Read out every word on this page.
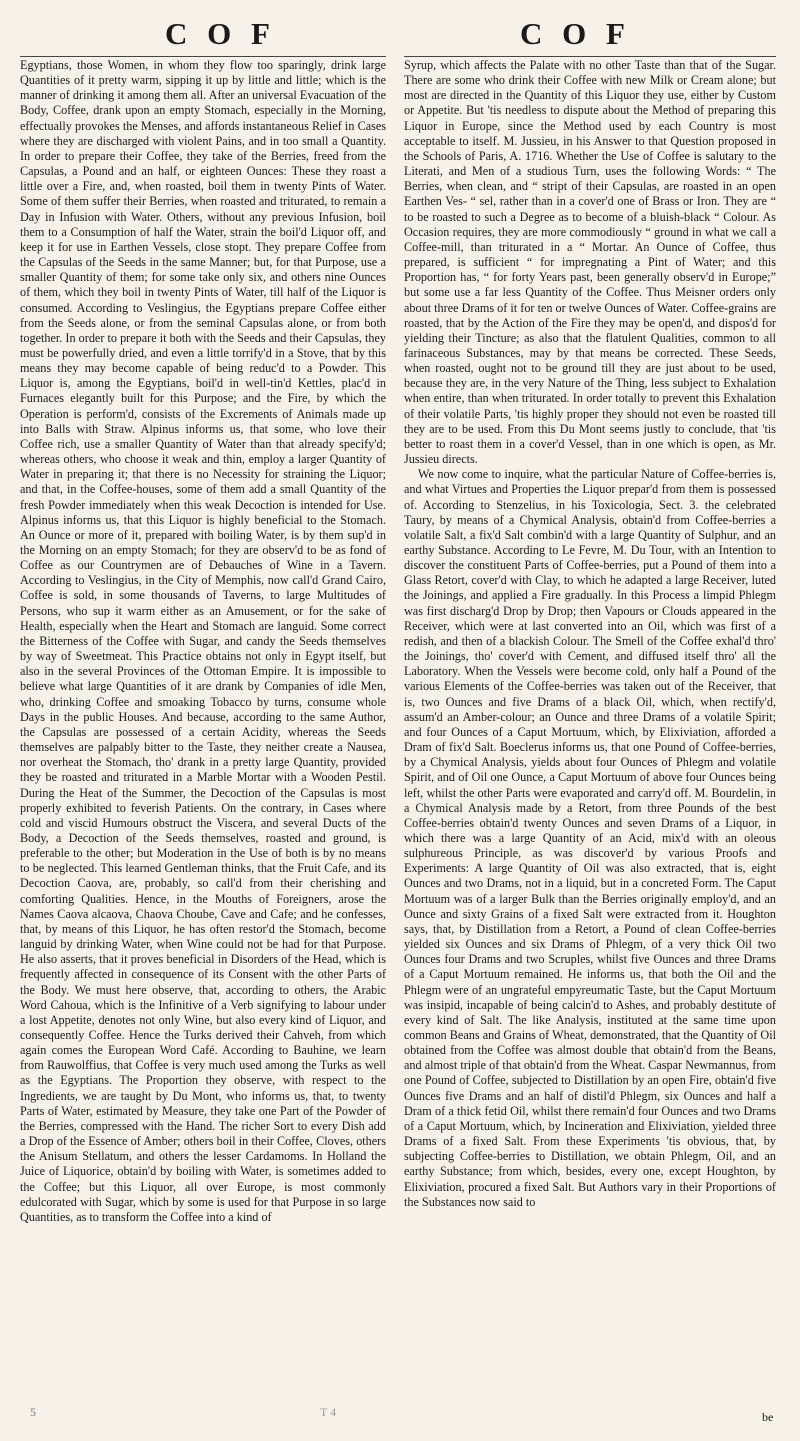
C O F	C O F

Egyptians, those Women, in whom they flow too sparingly, drink large Quantities of it pretty warm, sipping it up by little and little; which is the manner of drinking it among them all. After an universal Evacuation of the Body, Coffee, drank upon an empty Stomach, especially in the Morning, effectually provokes the Menses, and affords instantaneous Relief in Cases where they are discharged with violent Pains, and in too small a Quantity. In order to prepare their Coffee, they take of the Berries, freed from the Capsulas, a Pound and an half, or eighteen Ounces: These they roast a little over a Fire, and, when roasted, boil them in twenty Pints of Water. Some of them suffer their Berries, when roasted and triturated, to remain a Day in Infusion with Water. Others, without any previous Infusion, boil them to a Consumption of half the Water, strain the boil'd Liquor off, and keep it for use in Earthen Vessels, close stopt. They prepare Coffee from the Capsulas of the Seeds in the same Manner; but, for that Purpose, use a smaller Quantity of them; for some take only six, and others nine Ounces of them, which they boil in twenty Pints of Water, till half of the Liquor is consumed. According to Veslingius, the Egyptians prepare Coffee either from the Seeds alone, or from the seminal Capsulas alone, or from both together. In order to prepare it both with the Seeds and their Capsulas, they must be powerfully dried, and even a little torrify'd in a Stove, that by this means they may become capable of being reduc'd to a Powder. This Liquor is, among the Egyptians, boil'd in well-tin'd Kettles, plac'd in Furnaces elegantly built for this Purpose; and the Fire, by which the Operation is perform'd, consists of the Excrements of Animals made up into Balls with Straw. Alpinus informs us, that some, who love their Coffee rich, use a smaller Quantity of Water than that already specify'd; whereas others, who choose it weak and thin, employ a larger Quantity of Water in preparing it; that there is no Necessity for straining the Liquor; and that, in the Coffee-houses, some of them add a small Quantity of the fresh Powder immediately when this weak Decoction is intended for Use. Alpinus informs us, that this Liquor is highly beneficial to the Stomach. An Ounce or more of it, prepared with boiling Water, is by them sup'd in the Morning on an empty Stomach; for they are observ'd to be as fond of Coffee as our Countrymen are of Debauches of Wine in a Tavern. According to Veslingius, in the City of Memphis, now call'd Grand Cairo, Coffee is sold, in some thousands of Taverns, to large Multitudes of Persons, who sup it warm either as an Amusement, or for the sake of Health, especially when the Heart and Stomach are languid. Some correct the Bitterness of the Coffee with Sugar, and candy the Seeds themselves by way of Sweetmeat. This Practice obtains not only in Egypt itself, but also in the several Provinces of the Ottoman Empire. It is impossible to believe what large Quantities of it are drank by Companies of idle Men, who, drinking Coffee and smoaking Tobacco by turns, consume whole Days in the public Houses. And because, according to the same Author, the Capsulas are possessed of a certain Acidity, whereas the Seeds themselves are palpably bitter to the Taste, they neither create a Nausea, nor overheat the Stomach, tho' drank in a pretty large Quantity, provided they be roasted and triturated in a Marble Mortar with a Wooden Pestil. During the Heat of the Summer, the Decoction of the Capsulas is most properly exhibited to feverish Patients. On the contrary, in Cases where cold and viscid Humours obstruct the Viscera, and several Ducts of the Body, a Decoction of the Seeds themselves, roasted and ground, is preferable to the other; but Moderation in the Use of both is by no means to be neglected. This learned Gentleman thinks, that the Fruit Cafe, and its Decoction Caova, are, probably, so call'd from their cherishing and comforting Qualities. Hence, in the Mouths of Foreigners, arose the Names Caova alcaova, Chaova Choube, Cave and Cafe; and he confesses, that, by means of this Liquor, he has often restor'd the Stomach, become languid by drinking Water, when Wine could not be had for that Purpose. He also asserts, that it proves beneficial in Disorders of the Head, which is frequently affected in consequence of its Consent with the other Parts of the Body. We must here observe, that, according to others, the Arabic Word Cahoua, which is the Infinitive of a Verb signifying to labour under a lost Appetite, denotes not only Wine, but also every kind of Liquor, and consequently Coffee. Hence the Turks derived their Cahveh, from which again comes the European Word Café. According to Bauhine, we learn from Rauwolffius, that Coffee is very much used among the Turks as well as the Egyptians. The Proportion they observe, with respect to the Ingredients, we are taught by Du Mont, who informs us, that, to twenty Parts of Water, estimated by Measure, they take one Part of the Powder of the Berries, compressed with the Hand. The richer Sort to every Dish add a Drop of the Essence of Amber; others boil in their Coffee, Cloves, others the Anisum Stellatum, and others the lesser Cardamoms. In Holland the Juice of Liquorice, obtain'd by boiling with Water, is sometimes added to the Coffee; but this Liquor, all over Europe, is most commonly edulcorated with Sugar, which by some is used for that Purpose in so large Quantities, as to transform the Coffee into a kind of

Syrup, which affects the Palate with no other Taste than that of the Sugar. There are some who drink their Coffee with new Milk or Cream alone; but most are directed in the Quantity of this Liquor they use, either by Custom or Appetite. But 'tis needless to dispute about the Method of preparing this Liquor in Europe, since the Method used by each Country is most acceptable to itself. M. Jussieu, in his Answer to that Question proposed in the Schools of Paris, A. 1716. Whether the Use of Coffee is salutary to the Literati, and Men of a studious Turn, uses the following Words: “ The Berries, when clean, and “ stript of their Capsulas, are roasted in an open Earthen Ves- “ sel, rather than in a cover'd one of Brass or Iron. They are “ to be roasted to such a Degree as to become of a bluish-black “ Colour. As Occasion requires, they are more commodiously “ ground in what we call a Coffee-mill, than triturated in a “ Mortar. An Ounce of Coffee, thus prepared, is sufficient “ for impregnating a Pint of Water; and this Proportion has, “ for forty Years past, been generally observ'd in Europe;” but some use a far less Quantity of the Coffee. Thus Meisner orders only about three Drams of it for ten or twelve Ounces of Water. Coffee-grains are roasted, that by the Action of the Fire they may be open'd, and dispos'd for yielding their Tincture; as also that the flatulent Qualities, common to all farinaceous Substances, may by that means be corrected. These Seeds, when roasted, ought not to be ground till they are just about to be used, because they are, in the very Nature of the Thing, less subject to Exhalation when entire, than when triturated. In order totally to prevent this Exhalation of their volatile Parts, 'tis highly proper they should not even be roasted till they are to be used. From this Du Mont seems justly to conclude, that 'tis better to roast them in a cover'd Vessel, than in one which is open, as Mr. Jussieu directs.

We now come to inquire, what the particular Nature of Coffee-berries is, and what Virtues and Properties the Liquor prepar'd from them is possessed of. According to Stenzelius, in his Toxicologia, Sect. 3. the celebrated Taury, by means of a Chymical Analysis, obtain'd from Coffee-berries a volatile Salt, a fix'd Salt combin'd with a large Quantity of Sulphur, and an earthy Substance. According to Le Fevre, M. Du Tour, with an Intention to discover the constituent Parts of Coffee-berries, put a Pound of them into a Glass Retort, cover'd with Clay, to which he adapted a large Receiver, luted the Joinings, and applied a Fire gradually. In this Process a limpid Phlegm was first discharg'd Drop by Drop; then Vapours or Clouds appeared in the Receiver, which were at last converted into an Oil, which was first of a redish, and then of a blackish Colour. The Smell of the Coffee exhal'd thro' the Joinings, tho' cover'd with Cement, and diffused itself thro' all the Laboratory. When the Vessels were become cold, only half a Pound of the various Elements of the Coffee-berries was taken out of the Receiver, that is, two Ounces and five Drams of a black Oil, which, when rectify'd, assum'd an Amber-colour; an Ounce and three Drams of a volatile Spirit; and four Ounces of a Caput Mortuum, which, by Elixiviation, afforded a Dram of fix'd Salt. Boeclerus informs us, that one Pound of Coffee-berries, by a Chymical Analysis, yields about four Ounces of Phlegm and volatile Spirit, and of Oil one Ounce, a Caput Mortuum of above four Ounces being left, whilst the other Parts were evaporated and carry'd off. M. Bourdelin, in a Chymical Analysis made by a Retort, from three Pounds of the best Coffee-berries obtain'd twenty Ounces and seven Drams of a Liquor, in which there was a large Quantity of an Acid, mix'd with an oleous sulphureous Principle, as was discover'd by various Proofs and Experiments: A large Quantity of Oil was also extracted, that is, eight Ounces and two Drams, not in a liquid, but in a concreted Form. The Caput Mortuum was of a larger Bulk than the Berries originally employ'd, and an Ounce and sixty Grains of a fixed Salt were extracted from it. Houghton says, that, by Distillation from a Retort, a Pound of clean Coffee-berries yielded six Ounces and six Drams of Phlegm, of a very thick Oil two Ounces four Drams and two Scruples, whilst five Ounces and three Drams of a Caput Mortuum remained. He informs us, that both the Oil and the Phlegm were of an ungrateful empyreumatic Taste, but the Caput Mortuum was insipid, incapable of being calcin'd to Ashes, and probably destitute of every kind of Salt. The like Analysis, instituted at the same time upon common Beans and Grains of Wheat, demonstrated, that the Quantity of Oil obtained from the Coffee was almost double that obtain'd from the Beans, and almost triple of that obtain'd from the Wheat. Caspar Newmannus, from one Pound of Coffee, subjected to Distillation by an open Fire, obtain'd five Ounces five Drams and an half of distil'd Phlegm, six Ounces and half a Dram of a thick fetid Oil, whilst there remain'd four Ounces and two Drams of a Caput Mortuum, which, by Incineration and Elixiviation, yielded three Drams of a fixed Salt. From these Experiments 'tis obvious, that, by subjecting Coffee-berries to Distillation, we obtain Phlegm, Oil, and an earthy Substance; from which, besides, every one, except Houghton, by Elixiviation, procured a fixed Salt. But Authors vary in their Proportions of the Substances now said to

5	T 4	be
